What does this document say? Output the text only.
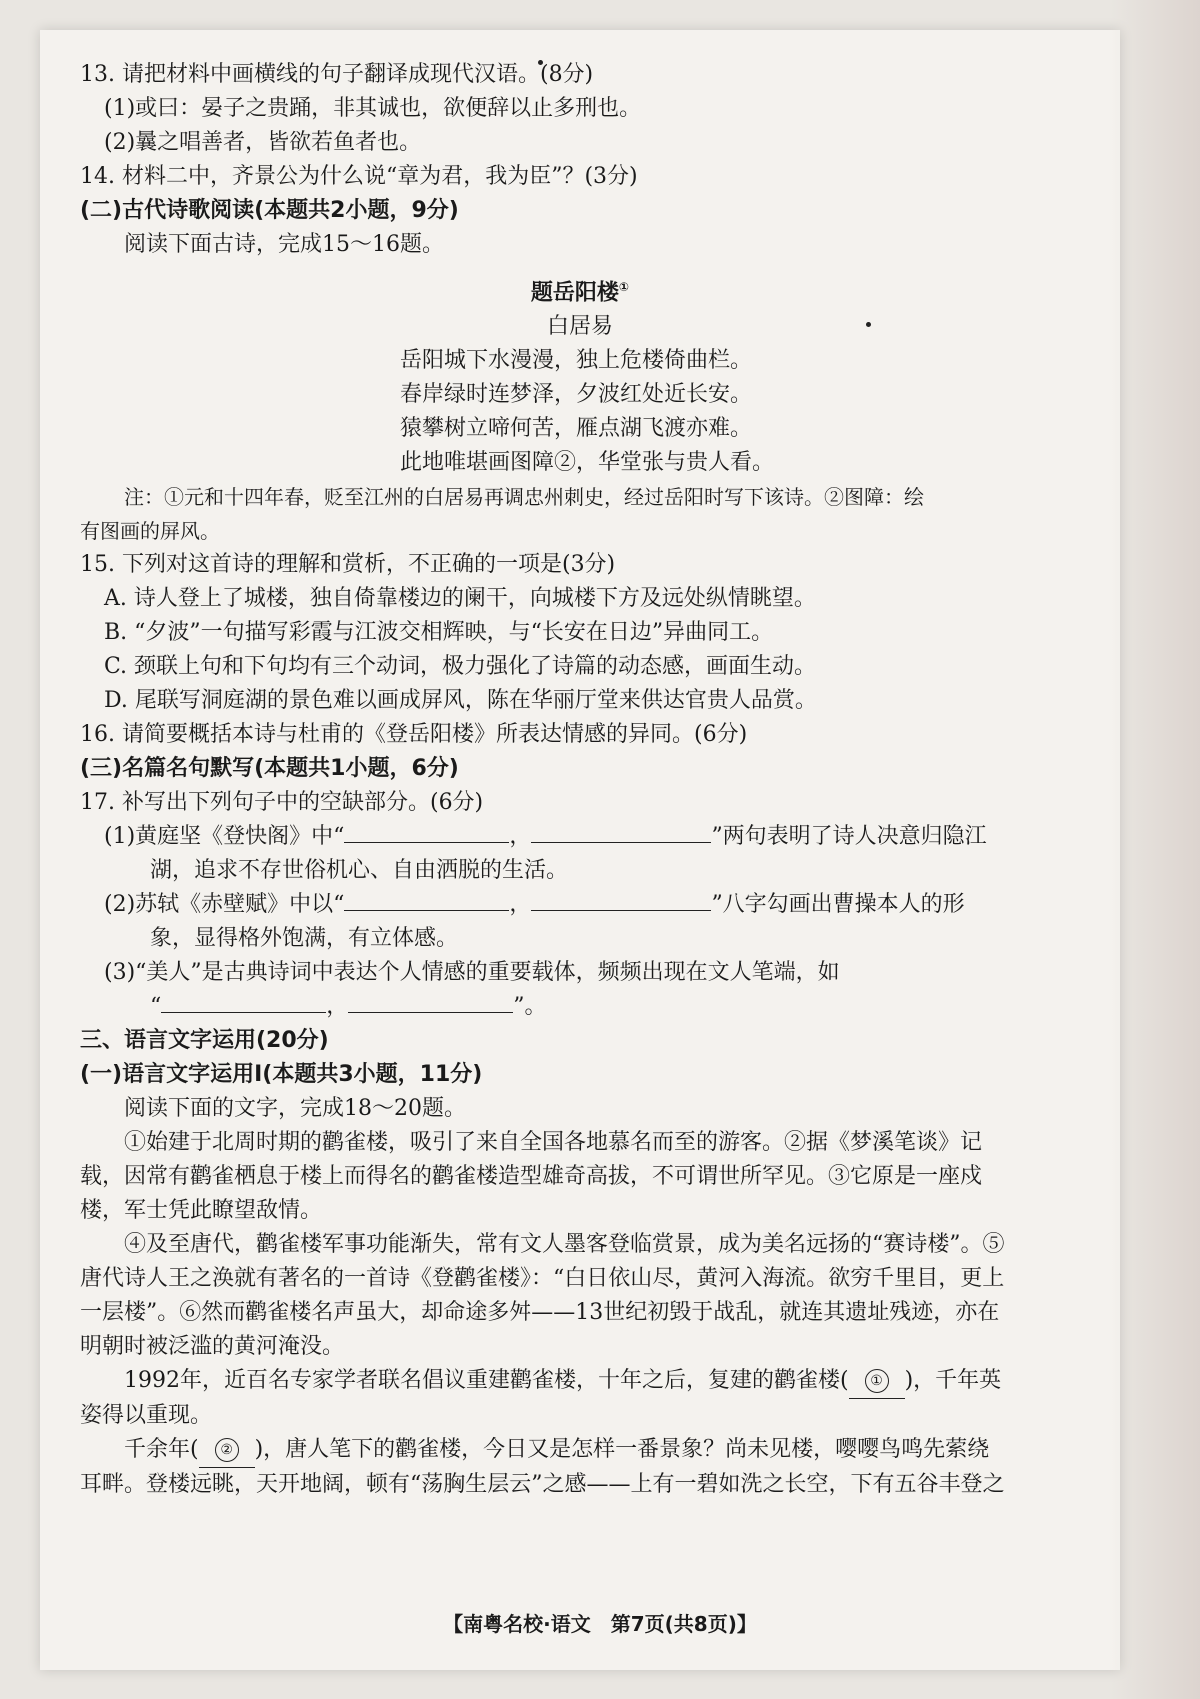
13. 请把材料中画横线的句子翻译成现代汉语。(8分)
(1)或曰：晏子之贵踊，非其诚也，欲便辞以止多刑也。
(2)曩之唱善者，皆欲若鱼者也。
14. 材料二中，齐景公为什么说“章为君，我为臣”？(3分)
(二)古代诗歌阅读(本题共2小题，9分)
阅读下面古诗，完成15～16题。
题岳阳楼①
白居易
岳阳城下水漫漫，独上危楼倚曲栏。
春岸绿时连梦泽，夕波红处近长安。
猿攀树立啼何苦，雁点湖飞渡亦难。
此地唯堪画图障②，华堂张与贵人看。
注：①元和十四年春，贬至江州的白居易再调忠州刺史，经过岳阳时写下该诗。②图障：绘
有图画的屏风。
15. 下列对这首诗的理解和赏析，不正确的一项是(3分)
A. 诗人登上了城楼，独自倚靠楼边的阑干，向城楼下方及远处纵情眺望。
B. “夕波”一句描写彩霞与江波交相辉映，与“长安在日边”异曲同工。
C. 颈联上句和下句均有三个动词，极力强化了诗篇的动态感，画面生动。
D. 尾联写洞庭湖的景色难以画成屏风，陈在华丽厅堂来供达官贵人品赏。
16. 请简要概括本诗与杜甫的《登岳阳楼》所表达情感的异同。(6分)
(三)名篇名句默写(本题共1小题，6分)
17. 补写出下列句子中的空缺部分。(6分)
(1)黄庭坚《登快阁》中“	，	”两句表明了诗人决意归隐江
湖，追求不存世俗机心、自由洒脱的生活。
(2)苏轼《赤壁赋》中以“	，	”八字勾画出曹操本人的形
象，显得格外饱满，有立体感。
(3)“美人”是古典诗词中表达个人情感的重要载体，频频出现在文人笔端，如
“	，	”。
三、语言文字运用(20分)
(一)语言文字运用Ⅰ(本题共3小题，11分)
阅读下面的文字，完成18～20题。
①始建于北周时期的鹳雀楼，吸引了来自全国各地慕名而至的游客。②据《梦溪笔谈》记
载，因常有鹳雀栖息于楼上而得名的鹳雀楼造型雄奇高拔，不可谓世所罕见。③它原是一座戍
楼，军士凭此瞭望敌情。
④及至唐代，鹳雀楼军事功能渐失，常有文人墨客登临赏景，成为美名远扬的“赛诗楼”。⑤
唐代诗人王之涣就有著名的一首诗《登鹳雀楼》：“白日依山尽，黄河入海流。欲穷千里目，更上
一层楼”。⑥然而鹳雀楼名声虽大，却命途多舛——13世纪初毁于战乱，就连其遗址残迹，亦在
明朝时被泛滥的黄河淹没。
1992年，近百名专家学者联名倡议重建鹳雀楼，十年之后，复建的鹳雀楼( ① )，千年英
姿得以重现。
千余年( ② )，唐人笔下的鹳雀楼，今日又是怎样一番景象？尚未见楼，嘤嘤鸟鸣先萦绕
耳畔。登楼远眺，天开地阔，顿有“荡胸生层云”之感——上有一碧如洗之长空，下有五谷丰登之
【南粤名校·语文　第7页(共8页)】
